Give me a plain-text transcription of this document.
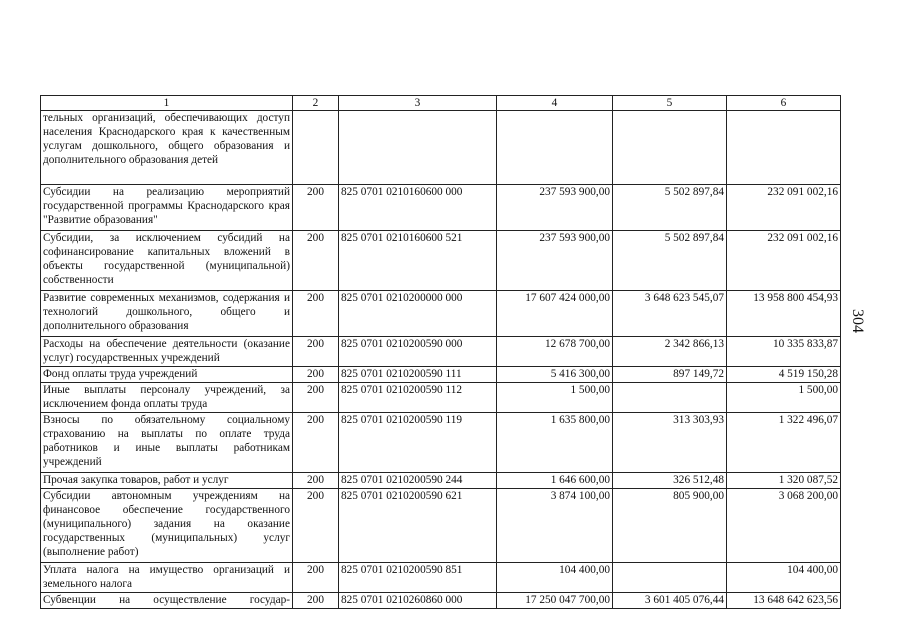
1	2	3	4	5	6
тельных организаций, обеспечивающих доступ населения Краснодарского края к качественным услугам дошкольного, общего образования и дополнительного образования детей					
Субсидии на реализацию мероприятий государственной программы Краснодарского края "Развитие образования"	200	825 0701 0210160600 000	237 593 900,00	5 502 897,84	232 091 002,16
Субсидии, за исключением субсидий на софинансирование капитальных вложений в объекты государственной (муниципальной) собственности	200	825 0701 0210160600 521	237 593 900,00	5 502 897,84	232 091 002,16
Развитие современных механизмов, содержания и технологий дошкольного, общего и дополнительного образования	200	825 0701 0210200000 000	17 607 424 000,00	3 648 623 545,07	13 958 800 454,93
Расходы на обеспечение деятельности (оказание услуг) государственных учреждений	200	825 0701 0210200590 000	12 678 700,00	2 342 866,13	10 335 833,87
Фонд оплаты труда учреждений	200	825 0701 0210200590 111	5 416 300,00	897 149,72	4 519 150,28
Иные выплаты персоналу учреждений, за исключением фонда оплаты труда	200	825 0701 0210200590 112	1 500,00		1 500,00
Взносы по обязательному социальному страхованию на выплаты по оплате труда работников и иные выплаты работникам учреждений	200	825 0701 0210200590 119	1 635 800,00	313 303,93	1 322 496,07
Прочая закупка товаров, работ и услуг	200	825 0701 0210200590 244	1 646 600,00	326 512,48	1 320 087,52
Субсидии автономным учреждениям на финансовое обеспечение государственного (муниципального) задания на оказание государственных (муниципальных) услуг (выполнение работ)	200	825 0701 0210200590 621	3 874 100,00	805 900,00	3 068 200,00
Уплата налога на имущество организаций и земельного налога	200	825 0701 0210200590 851	104 400,00		104 400,00
Субвенции на осуществление государ-	200	825 0701 0210260860 000	17 250 047 700,00	3 601 405 076,44	13 648 642 623,56
304
